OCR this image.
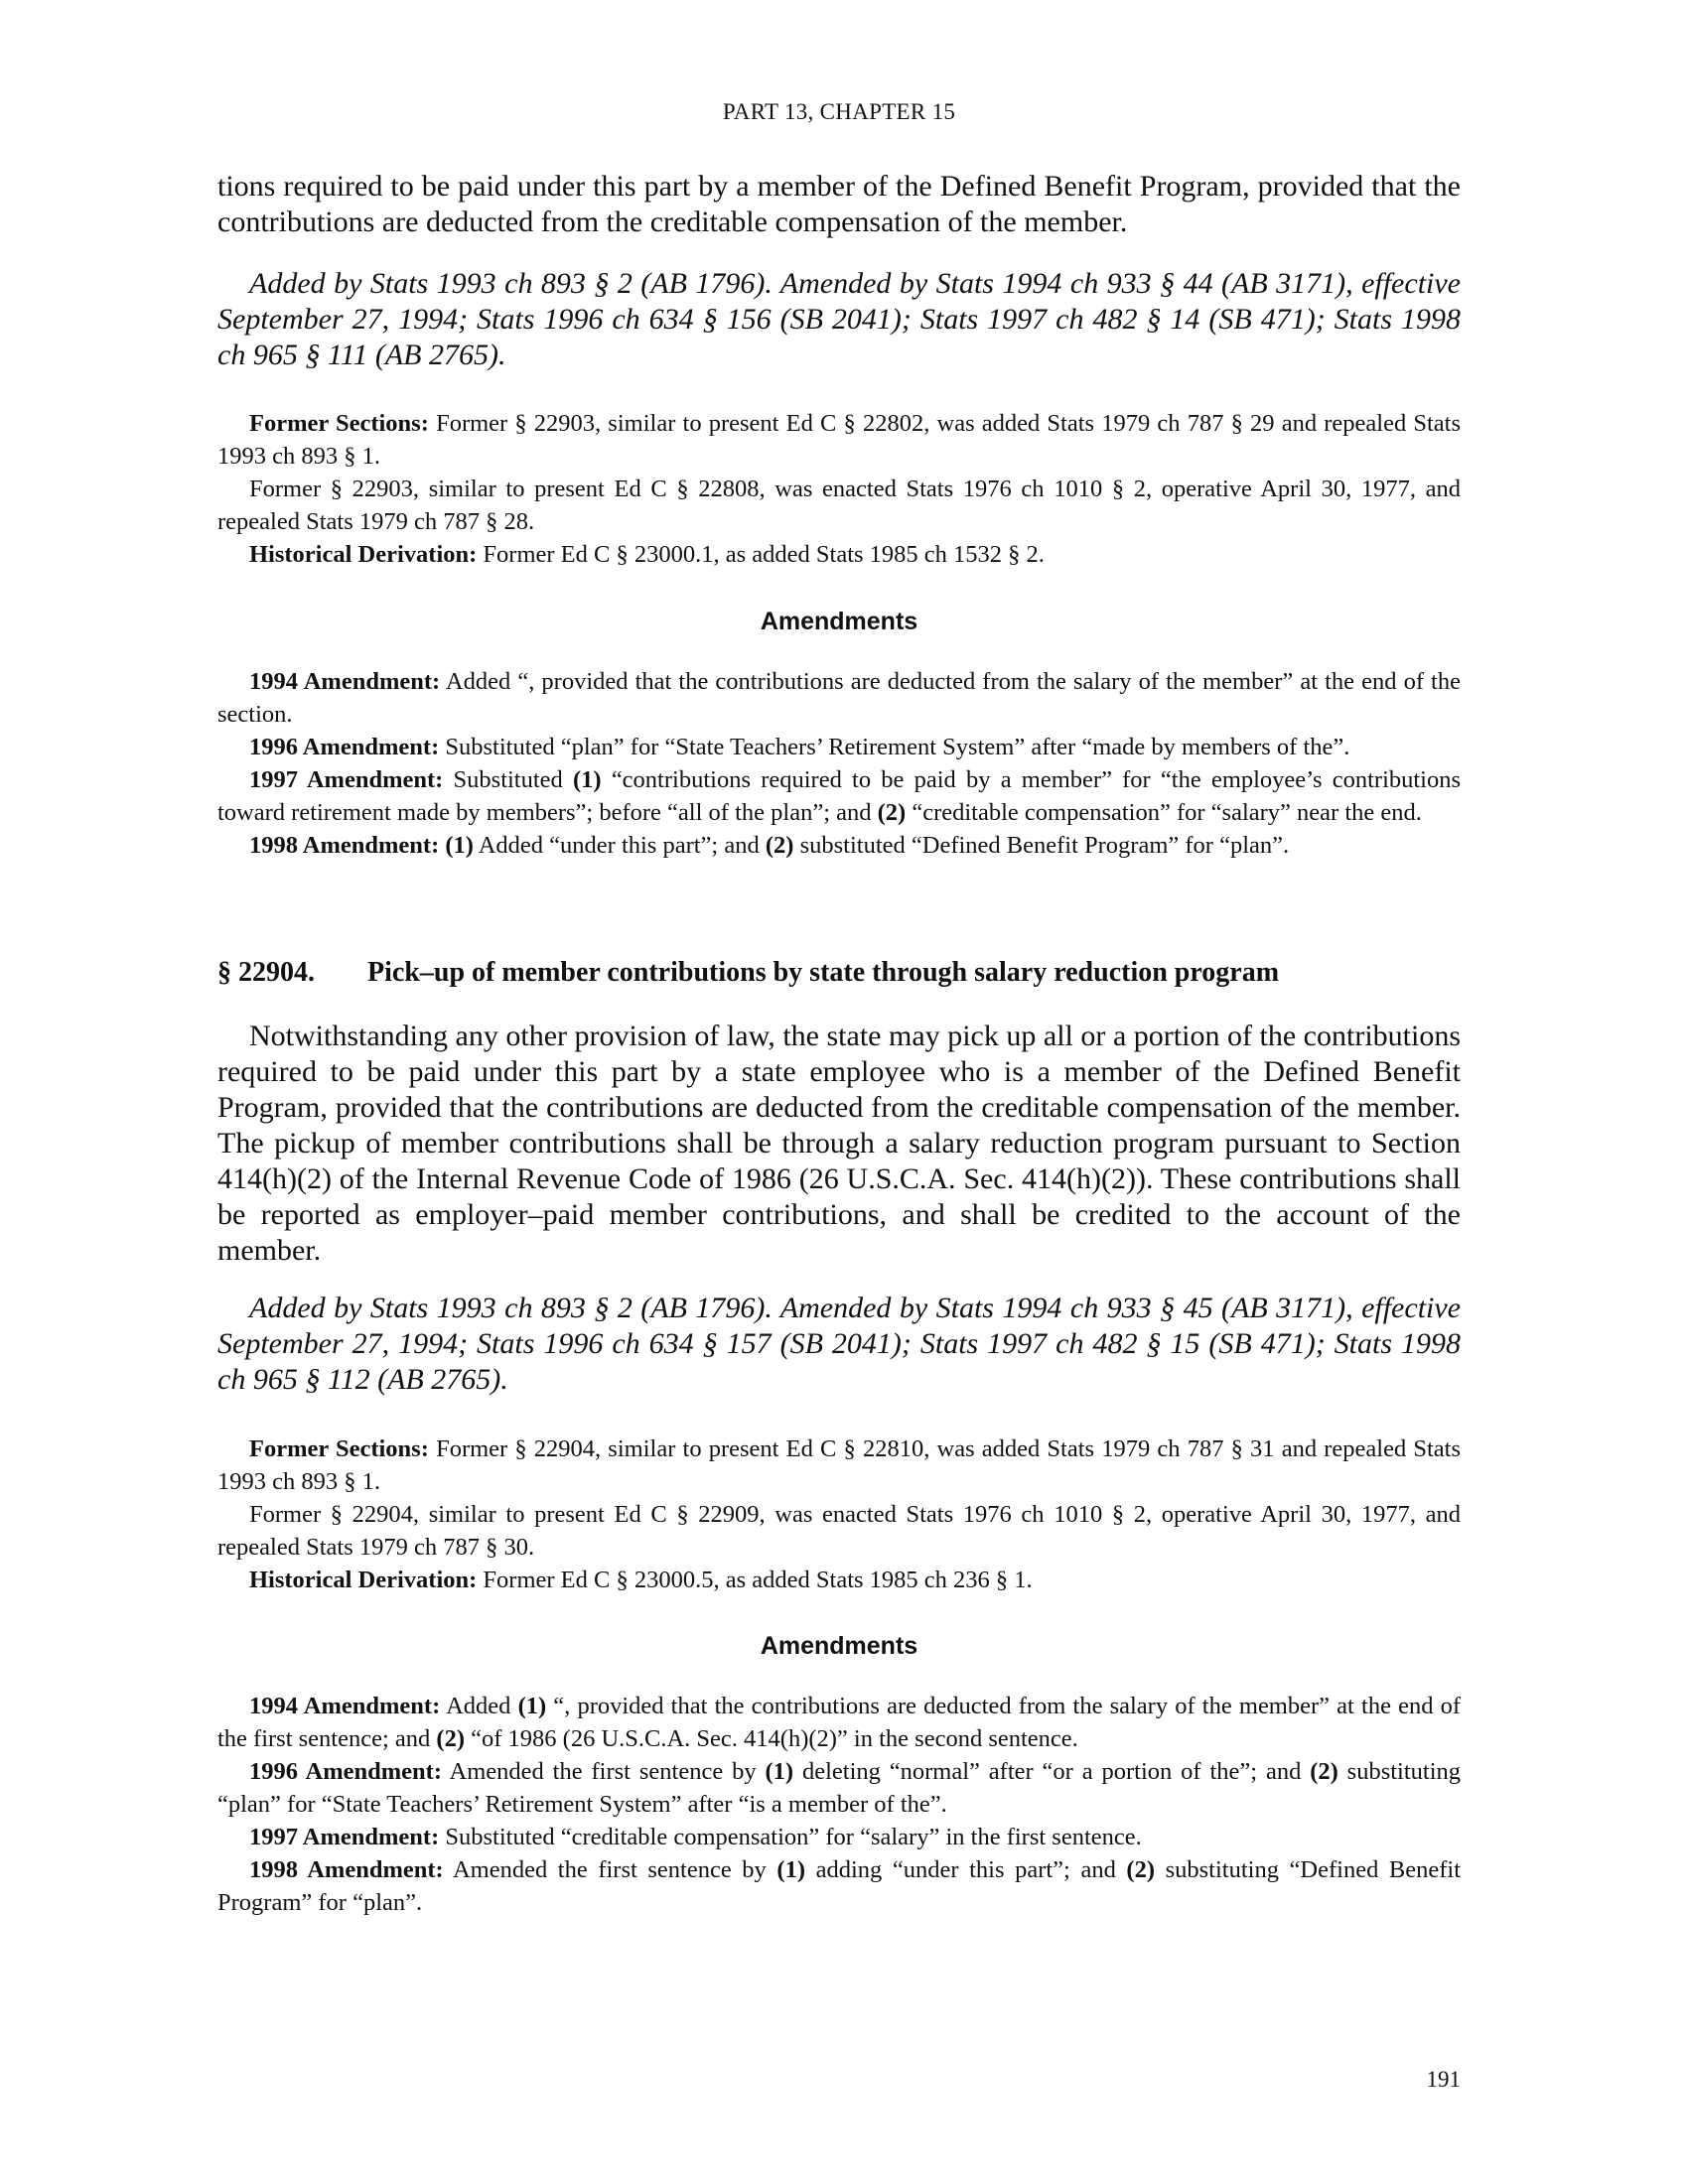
PART 13, CHAPTER 15

tions required to be paid under this part by a member of the Defined Benefit Program, provided that the contributions are deducted from the creditable compensation of the member.

Added by Stats 1993 ch 893 § 2 (AB 1796). Amended by Stats 1994 ch 933 § 44 (AB 3171), effective September 27, 1994; Stats 1996 ch 634 § 156 (SB 2041); Stats 1997 ch 482 § 14 (SB 471); Stats 1998 ch 965 § 111 (AB 2765).

Former Sections: Former § 22903, similar to present Ed C § 22802, was added Stats 1979 ch 787 § 29 and repealed Stats 1993 ch 893 § 1.

Former § 22903, similar to present Ed C § 22808, was enacted Stats 1976 ch 1010 § 2, operative April 30, 1977, and repealed Stats 1979 ch 787 § 28.

Historical Derivation: Former Ed C § 23000.1, as added Stats 1985 ch 1532 § 2.

Amendments

1994 Amendment: Added “, provided that the contributions are deducted from the salary of the member” at the end of the section.

1996 Amendment: Substituted “plan” for “State Teachers’ Retirement System” after “made by members of the”.

1997 Amendment: Substituted (1) “contributions required to be paid by a member” for “the employee’s contributions toward retirement made by members”; before “all of the plan”; and (2) “creditable compensation” for “salary” near the end.

1998 Amendment: (1) Added “under this part”; and (2) substituted “Defined Benefit Program” for “plan”.

§ 22904.	Pick–up of member contributions by state through salary reduction program

Notwithstanding any other provision of law, the state may pick up all or a portion of the contributions required to be paid under this part by a state employee who is a member of the Defined Benefit Program, provided that the contributions are deducted from the creditable compensation of the member. The pickup of member contributions shall be through a salary reduction program pursuant to Section 414(h)(2) of the Internal Revenue Code of 1986 (26 U.S.C.A. Sec. 414(h)(2)). These contributions shall be reported as employer–paid member contributions, and shall be credited to the account of the member.

Added by Stats 1993 ch 893 § 2 (AB 1796). Amended by Stats 1994 ch 933 § 45 (AB 3171), effective September 27, 1994; Stats 1996 ch 634 § 157 (SB 2041); Stats 1997 ch 482 § 15 (SB 471); Stats 1998 ch 965 § 112 (AB 2765).

Former Sections: Former § 22904, similar to present Ed C § 22810, was added Stats 1979 ch 787 § 31 and repealed Stats 1993 ch 893 § 1.

Former § 22904, similar to present Ed C § 22909, was enacted Stats 1976 ch 1010 § 2, operative April 30, 1977, and repealed Stats 1979 ch 787 § 30.

Historical Derivation: Former Ed C § 23000.5, as added Stats 1985 ch 236 § 1.

Amendments

1994 Amendment: Added (1) “, provided that the contributions are deducted from the salary of the member” at the end of the first sentence; and (2) “of 1986 (26 U.S.C.A. Sec. 414(h)(2)” in the second sentence.

1996 Amendment: Amended the first sentence by (1) deleting “normal” after “or a portion of the”; and (2) substituting “plan” for “State Teachers’ Retirement System” after “is a member of the”.

1997 Amendment: Substituted “creditable compensation” for “salary” in the first sentence.

1998 Amendment: Amended the first sentence by (1) adding “under this part”; and (2) substituting “Defined Benefit Program” for “plan”.

191
